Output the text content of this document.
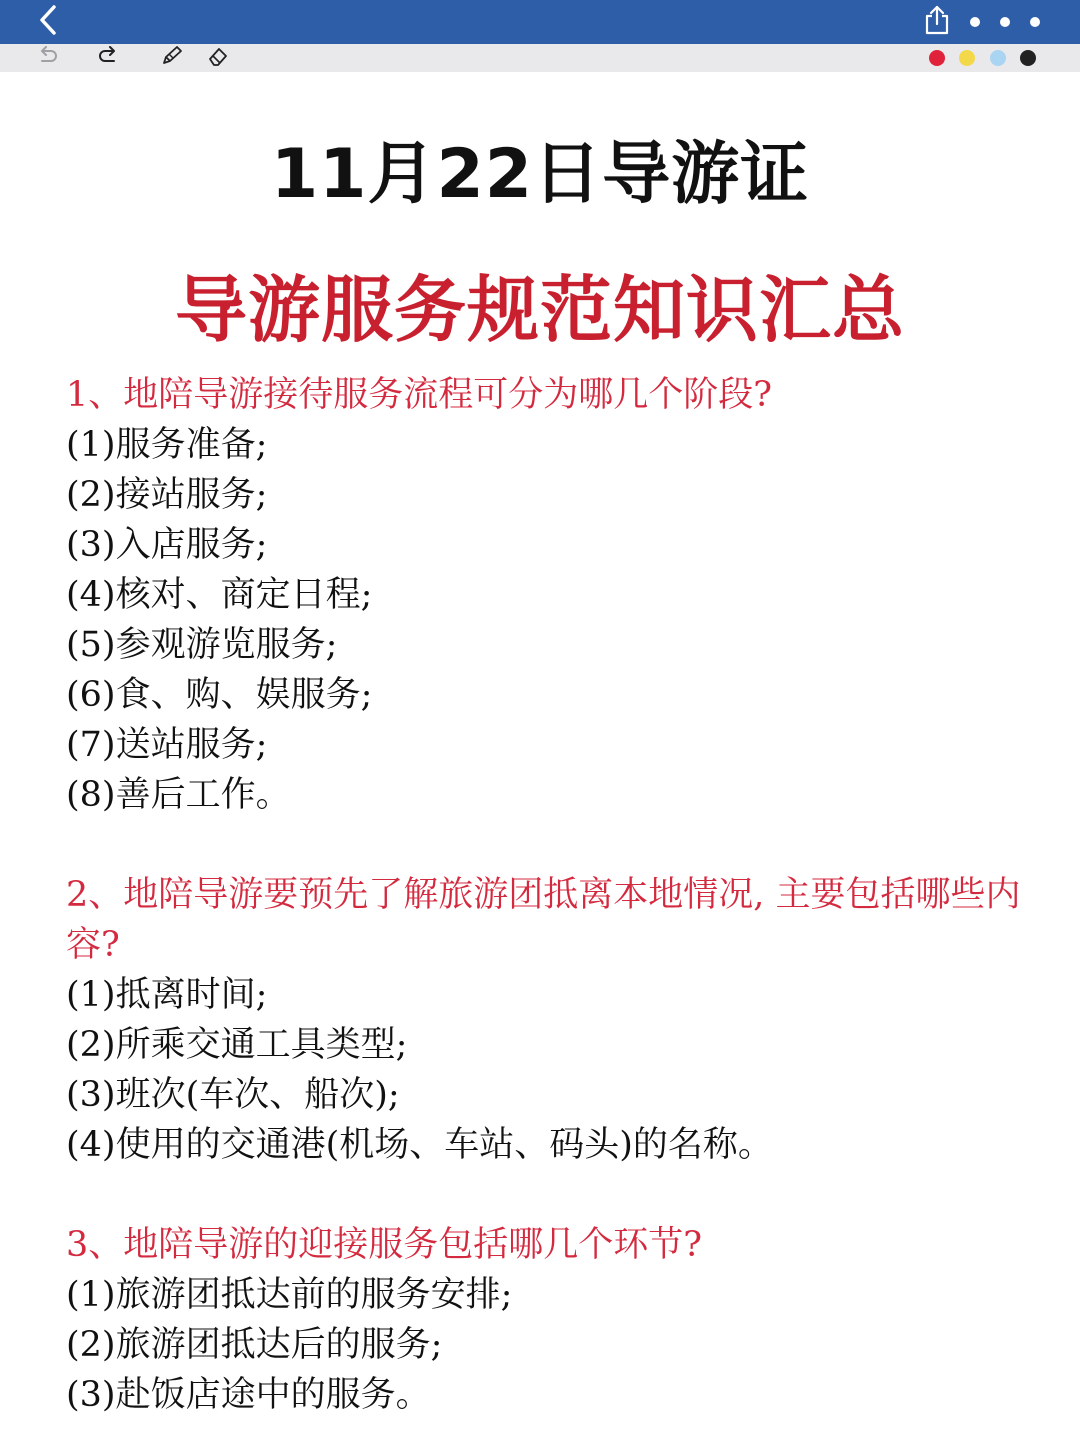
11月22日导游证
导游服务规范知识汇总

1、地陪导游接待服务流程可分为哪几个阶段?

(1)服务准备;

(2)接站服务;

(3)入店服务;

(4)核对、商定日程;

(5)参观游览服务;

(6)食、购、娱服务;

(7)送站服务;

(8)善后工作。

2、地陪导游要预先了解旅游团抵离本地情况, 主要包括哪些内容?

(1)抵离时间;

(2)所乘交通工具类型;

(3)班次(车次、船次);

(4)使用的交通港(机场、车站、码头)的名称。

3、地陪导游的迎接服务包括哪几个环节?

(1)旅游团抵达前的服务安排;

(2)旅游团抵达后的服务;

(3)赴饭店途中的服务。
